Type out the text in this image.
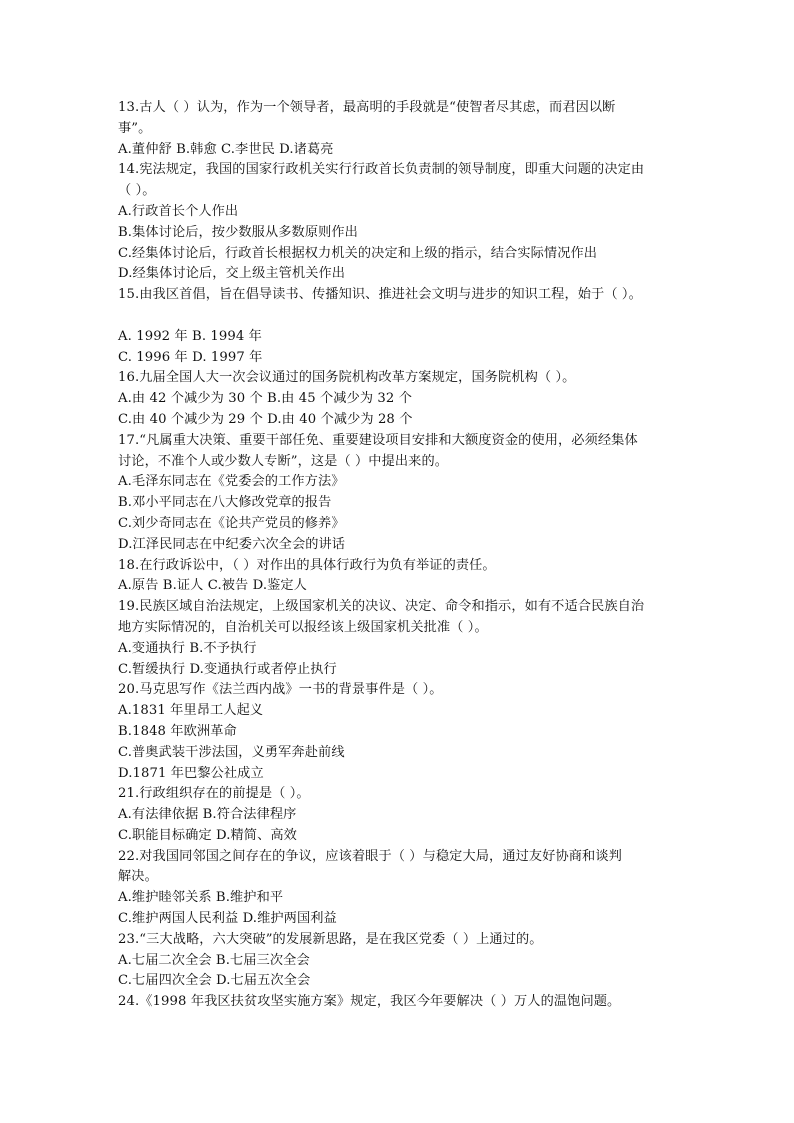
13.古人（ ）认为，作为一个领导者，最高明的手段就是“使智者尽其虑，而君因以断
事”。
A.董仲舒 B.韩愈 C.李世民 D.诸葛亮
14.宪法规定，我国的国家行政机关实行行政首长负责制的领导制度，即重大问题的决定由
（ ）。
A.行政首长个人作出
B.集体讨论后，按少数服从多数原则作出
C.经集体讨论后，行政首长根据权力机关的决定和上级的指示，结合实际情况作出
D.经集体讨论后，交上级主管机关作出
15.由我区首倡，旨在倡导读书、传播知识、推进社会文明与进步的知识工程，始于（ ）。
A. 1992 年 B. 1994 年
C. 1996 年 D. 1997 年
16.九届全国人大一次会议通过的国务院机构改革方案规定，国务院机构（ ）。
A.由 42 个减少为 30 个 B.由 45 个减少为 32 个
C.由 40 个减少为 29 个 D.由 40 个减少为 28 个
17.“凡属重大决策、重要干部任免、重要建设项目安排和大额度资金的使用，必须经集体
讨论，不准个人或少数人专断”，这是（ ）中提出来的。
A.毛泽东同志在《党委会的工作方法》
B.邓小平同志在八大修改党章的报告
C.刘少奇同志在《论共产党员的修养》
D.江泽民同志在中纪委六次全会的讲话
18.在行政诉讼中，（ ）对作出的具体行政行为负有举证的责任。
A.原告 B.证人 C.被告 D.鉴定人
19.民族区域自治法规定，上级国家机关的决议、决定、命令和指示，如有不适合民族自治
地方实际情况的，自治机关可以报经该上级国家机关批准（ ）。
A.变通执行 B.不予执行
C.暂缓执行 D.变通执行或者停止执行
20.马克思写作《法兰西内战》一书的背景事件是（ ）。
A.1831 年里昂工人起义
B.1848 年欧洲革命
C.普奥武装干涉法国，义勇军奔赴前线
D.1871 年巴黎公社成立
21.行政组织存在的前提是（ ）。
A.有法律依据 B.符合法律程序
C.职能目标确定 D.精简、高效
22.对我国同邻国之间存在的争议，应该着眼于（ ）与稳定大局，通过友好协商和谈判
解决。
A.维护睦邻关系 B.维护和平
C.维护两国人民利益 D.维护两国利益
23.“三大战略，六大突破”的发展新思路，是在我区党委（ ）上通过的。
A.七届二次全会 B.七届三次全会
C.七届四次全会 D.七届五次全会
24.《1998 年我区扶贫攻坚实施方案》规定，我区今年要解决（ ）万人的温饱问题。
